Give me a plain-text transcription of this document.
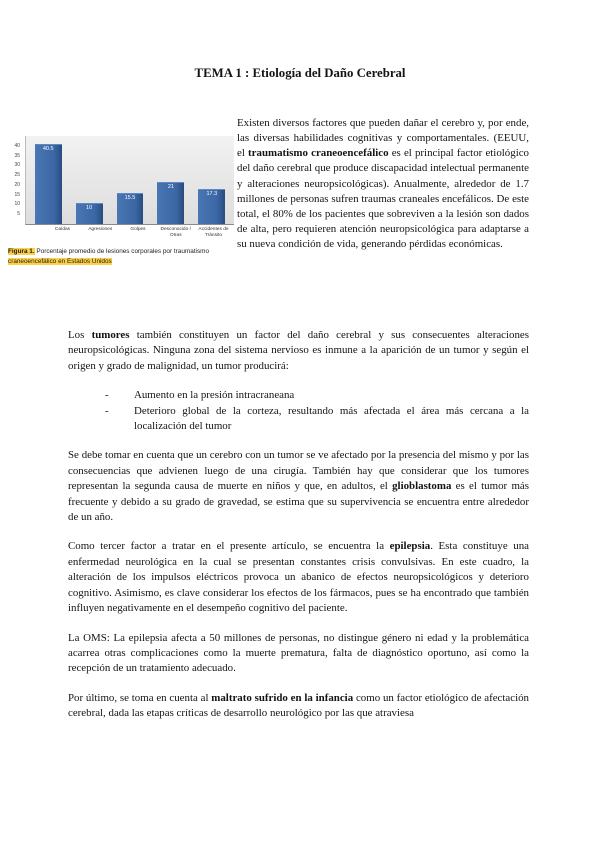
TEMA 1 : Etiología del Daño Cerebral
40
35
30
25
20
15
10
5
40.5
10
15.5
21
17.3
Caídas	Agresiones	Golpes	Desconocido / Otras
Accidentes de Tránsito
Figura 1. Porcentaje promedio de lesiones corporales por traumatismo craneoencefálico en Estados Unidos

Existen diversos factores que pueden dañar el cerebro y, por ende, las diversas habilidades cognitivas y comportamentales. (EEUU, el traumatismo craneoencefálico es el principal factor etiológico del daño cerebral que produce discapacidad intelectual permanente y alteraciones neuropsicológicas). Anualmente, alrededor de 1.7 millones de personas sufren traumas craneales encefálicos. De este total, el 80% de los pacientes que sobreviven a la lesión son dados de alta, pero requieren atención neuropsicológica para adaptarse a su nueva condición de vida, generando pérdidas económicas.

Los tumores también constituyen un factor del daño cerebral y sus consecuentes alteraciones neuropsicológicas. Ninguna zona del sistema nervioso es inmune a la aparición de un tumor y según el origen y grado de malignidad, un tumor producirá:

-	Aumento en la presión intracraneana
-	Deterioro global de la corteza, resultando más afectada el área más cercana a la localización del tumor

Se debe tomar en cuenta que un cerebro con un tumor se ve afectado por la presencia del mismo y por las consecuencias que advienen luego de una cirugía. También hay que considerar que los tumores representan la segunda causa de muerte en niños y que, en adultos, el glioblastoma es el tumor más frecuente y debido a su grado de gravedad, se estima que su supervivencia se encuentra entre alrededor de un año.

Como tercer factor a tratar en el presente artículo, se encuentra la epilepsia. Esta constituye una enfermedad neurológica en la cual se presentan constantes crisis convulsivas. En este cuadro, la alteración de los impulsos eléctricos provoca un abanico de efectos neuropsicológicos y deterioro cognitivo. Asimismo, es clave considerar los efectos de los fármacos, pues se ha encontrado que también influyen negativamente en el desempeño cognitivo del paciente.

La OMS: La epilepsia afecta a 50 millones de personas, no distingue género ni edad y la problemática acarrea otras complicaciones como la muerte prematura, falta de diagnóstico oportuno, así como la recepción de un tratamiento adecuado.

Por último, se toma en cuenta al maltrato sufrido en la infancia como un factor etiológico de afectación cerebral, dada las etapas críticas de desarrollo neurológico por las que atraviesa
